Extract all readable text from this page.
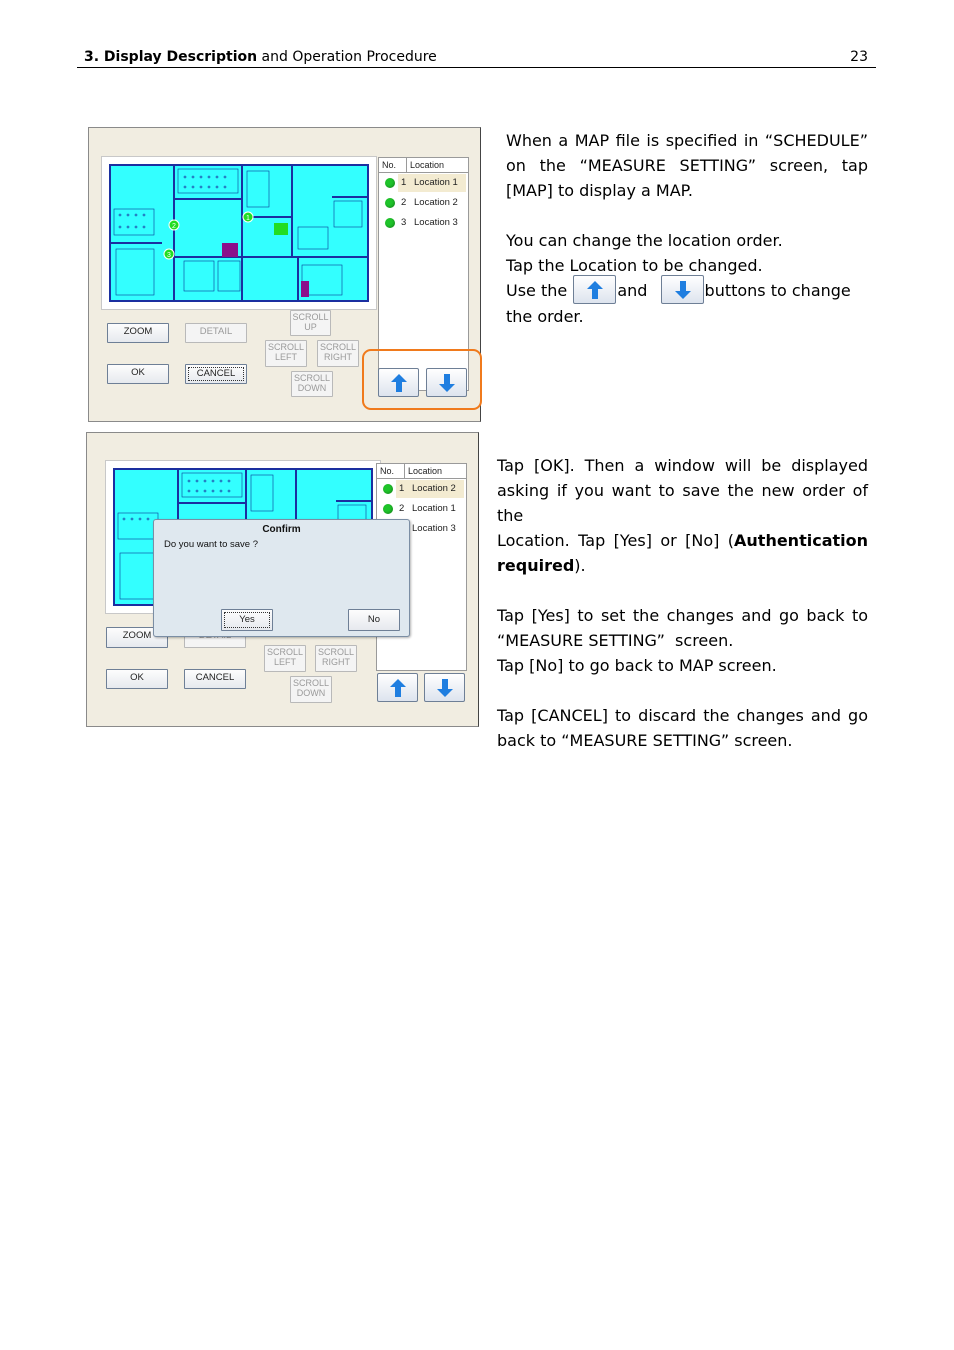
3. Display Description and Operation Procedure	23
1
2
3
No.	Location
1 Location 1
2 Location 2
3 Location 3
ZOOM	DETAIL
OK	CANCEL
SCROLL
UP
SCROLL
LEFT
SCROLL
RIGHT
SCROLL
DOWN
No.	Location
1 Location 2
2 Location 1
Location 3
ZOOM
OK	CANCEL
SCROLL
LEFT
SCROLL
RIGHT
SCROLL
DOWN
Confirm
Do you want to save ?
Yes	No
When a MAP file is specified in “SCHEDULE”
on the “MEASURE SETTING” screen, tap
[MAP] to display a MAP.

You can change the location order.
Tap the Location to be changed.
Use the	and	buttons to change
the order.
Tap [OK]. Then a window will be displayed
asking if you want to save the new order of the
Location. Tap [Yes] or [No] (Authentication
required).

Tap [Yes] to set the changes and go back to
“MEASURE SETTING”  screen.
Tap [No] to go back to MAP screen.

Tap [CANCEL] to discard the changes and go
back to “MEASURE SETTING” screen.
